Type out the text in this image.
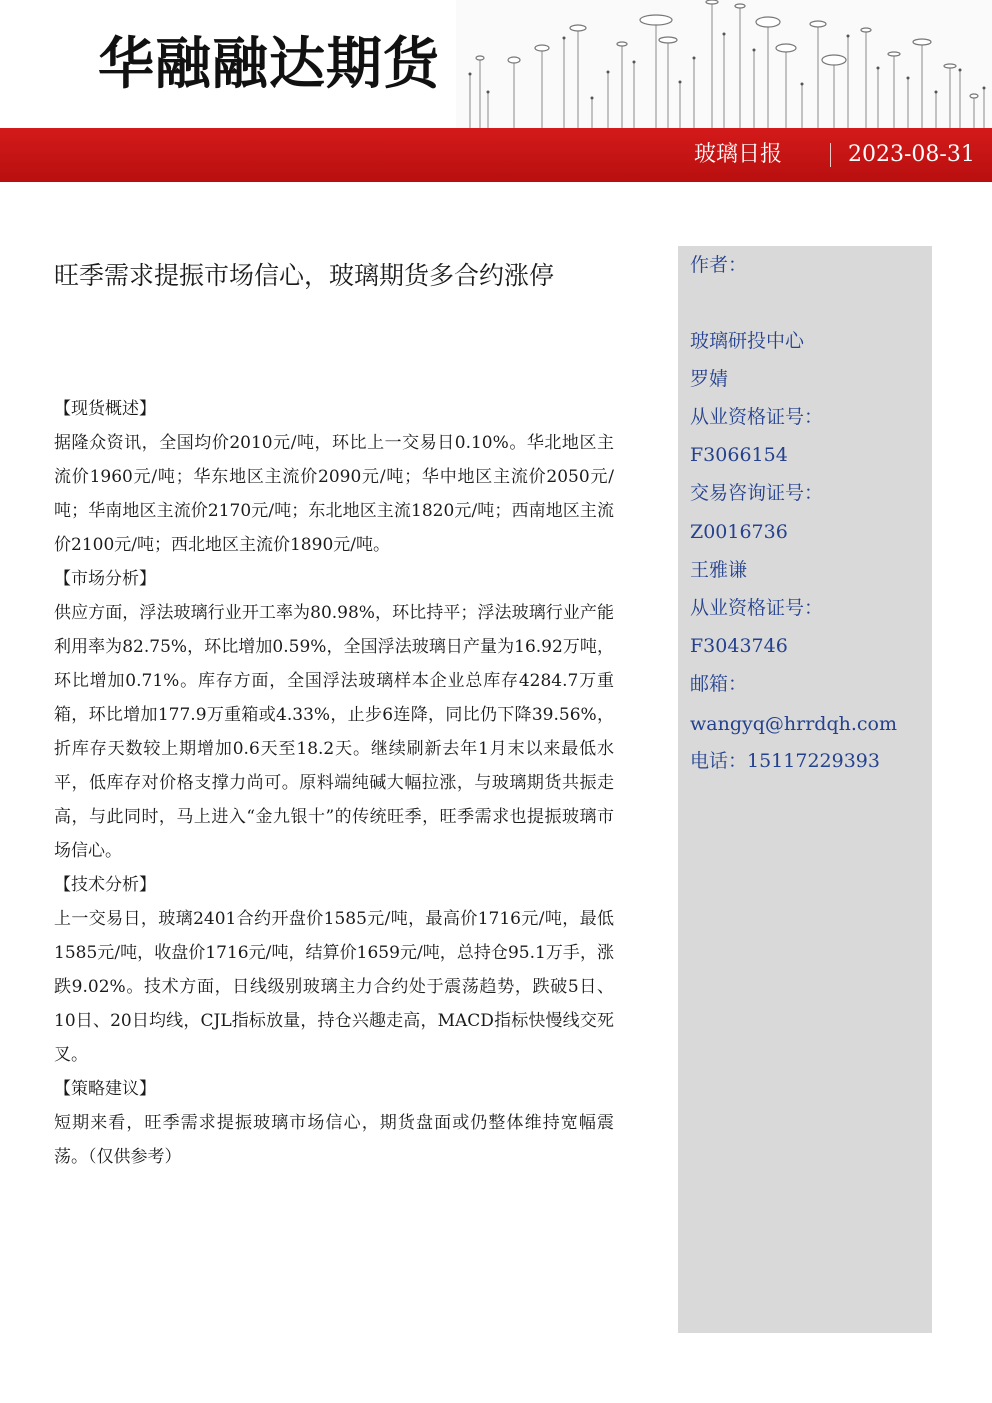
华融融达期货
玻璃日报	2023-08-31
旺季需求提振市场信心，玻璃期货多合约涨停
【现货概述】

据隆众资讯，全国均价2010元/吨，环比上一交易日0.10%。华北地区主流价1960元/吨；华东地区主流价2090元/吨；华中地区主流价2050元/吨；华南地区主流价2170元/吨；东北地区主流1820元/吨；西南地区主流价2100元/吨；西北地区主流价1890元/吨。

【市场分析】

供应方面，浮法玻璃行业开工率为80.98%，环比持平；浮法玻璃行业产能利用率为82.75%，环比增加0.59%，全国浮法玻璃日产量为16.92万吨，环比增加0.71%。库存方面，全国浮法玻璃样本企业总库存4284.7万重箱，环比增加177.9万重箱或4.33%，止步6连降，同比仍下降39.56%，折库存天数较上期增加0.6天至18.2天。继续刷新去年1月末以来最低水平，低库存对价格支撑力尚可。原料端纯碱大幅拉涨，与玻璃期货共振走高，与此同时，马上进入“金九银十”的传统旺季，旺季需求也提振玻璃市场信心。

【技术分析】

上一交易日，玻璃2401合约开盘价1585元/吨，最高价1716元/吨，最低1585元/吨，收盘价1716元/吨，结算价1659元/吨，总持仓95.1万手，涨跌9.02%。技术方面，日线级别玻璃主力合约处于震荡趋势，跌破5日、10日、20日均线，CJL指标放量，持仓兴趣走高，MACD指标快慢线交死叉。

【策略建议】

短期来看，旺季需求提振玻璃市场信心，期货盘面或仍整体维持宽幅震荡。（仅供参考）

作者：
玻璃研投中心
罗婧
从业资格证号：
F3066154
交易咨询证号：
Z0016736
王雅谦
从业资格证号：
F3043746
邮箱：
wangyq@hrrdqh.com
电话：15117229393
